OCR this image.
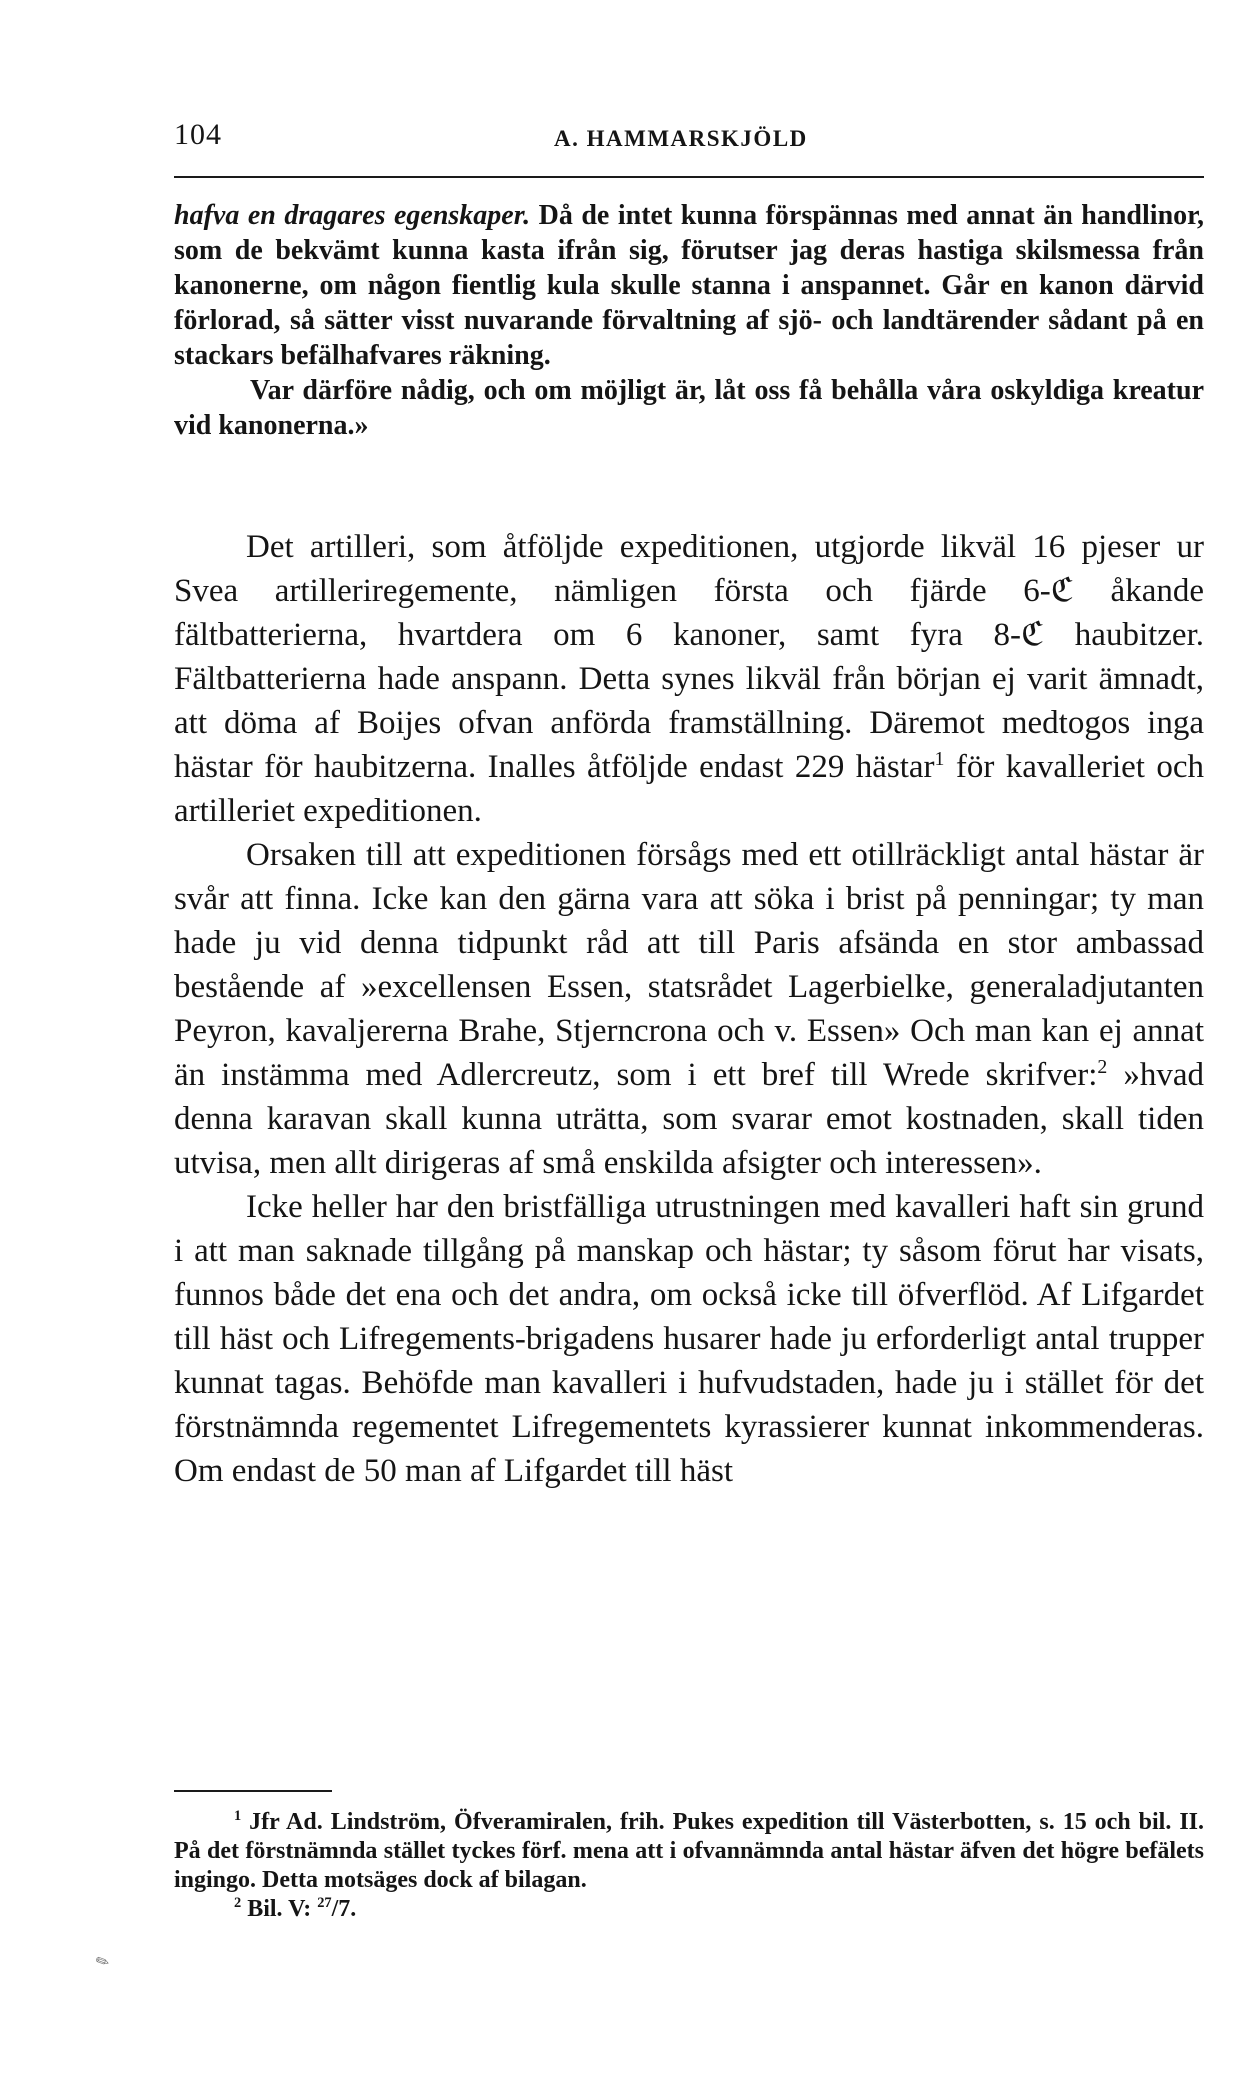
104	A. HAMMARSKJÖLD

hafva en dragares egenskaper. Då de intet kunna förspännas med annat än handlinor, som de bekvämt kunna kasta ifrån sig, förutser jag deras hastiga skilsmessa från kanonerne, om någon fientlig kula skulle stanna i anspannet. Går en kanon därvid förlorad, så sätter visst nuvarande förvaltning af sjö- och landtärender sådant på en stackars befälhafvares räkning.

Var därföre nådig, och om möjligt är, låt oss få behålla våra oskyldiga kreatur vid kanonerna.»

Det artilleri, som åtföljde expeditionen, utgjorde likväl 16 pjeser ur Svea artilleriregemente, nämligen första och fjärde 6-ℭ åkande fältbatterierna, hvartdera om 6 kanoner, samt fyra 8-ℭ haubitzer. Fältbatterierna hade anspann. Detta synes likväl från början ej varit ämnadt, att döma af Boijes ofvan anförda framställning. Däremot medtogos inga hästar för haubitzerna. Inalles åtföljde endast 229 hästar$^1$ för kavalleriet och artilleriet expeditionen.

Orsaken till att expeditionen försågs med ett otillräckligt antal hästar är svår att finna. Icke kan den gärna vara att söka i brist på penningar; ty man hade ju vid denna tidpunkt råd att till Paris afsända en stor ambassad bestående af »excellensen Essen, statsrådet Lagerbielke, generaladjutanten Peyron, kavaljererna Brahe, Stjerncrona och v. Essen» Och man kan ej annat än instämma med Adlercreutz, som i ett bref till Wrede skrifver:$^2$ »hvad denna karavan skall kunna uträtta, som svarar emot kostnaden, skall tiden utvisa, men allt dirigeras af små enskilda afsigter och interessen».

Icke heller har den bristfälliga utrustningen med kavalleri haft sin grund i att man saknade tillgång på manskap och hästar; ty såsom förut har visats, funnos både det ena och det andra, om också icke till öfverflöd. Af Lifgardet till häst och Lifregements-brigadens husarer hade ju erforderligt antal trupper kunnat tagas. Behöfde man kavalleri i hufvudstaden, hade ju i stället för det förstnämnda regementet Lifregementets kyrassierer kunnat inkommenderas. Om endast de 50 man af Lifgardet till häst

$^1$ Jfr Ad. Lindström, Öfveramiralen, frih. Pukes expedition till Västerbotten, s. 15 och bil. II. På det förstnämnda stället tyckes förf. mena att i ofvannämnda antal hästar äfven det högre befälets ingingo. Detta motsäges dock af bilagan.

$^2$ Bil. V: $^{27}$/7.

✎
